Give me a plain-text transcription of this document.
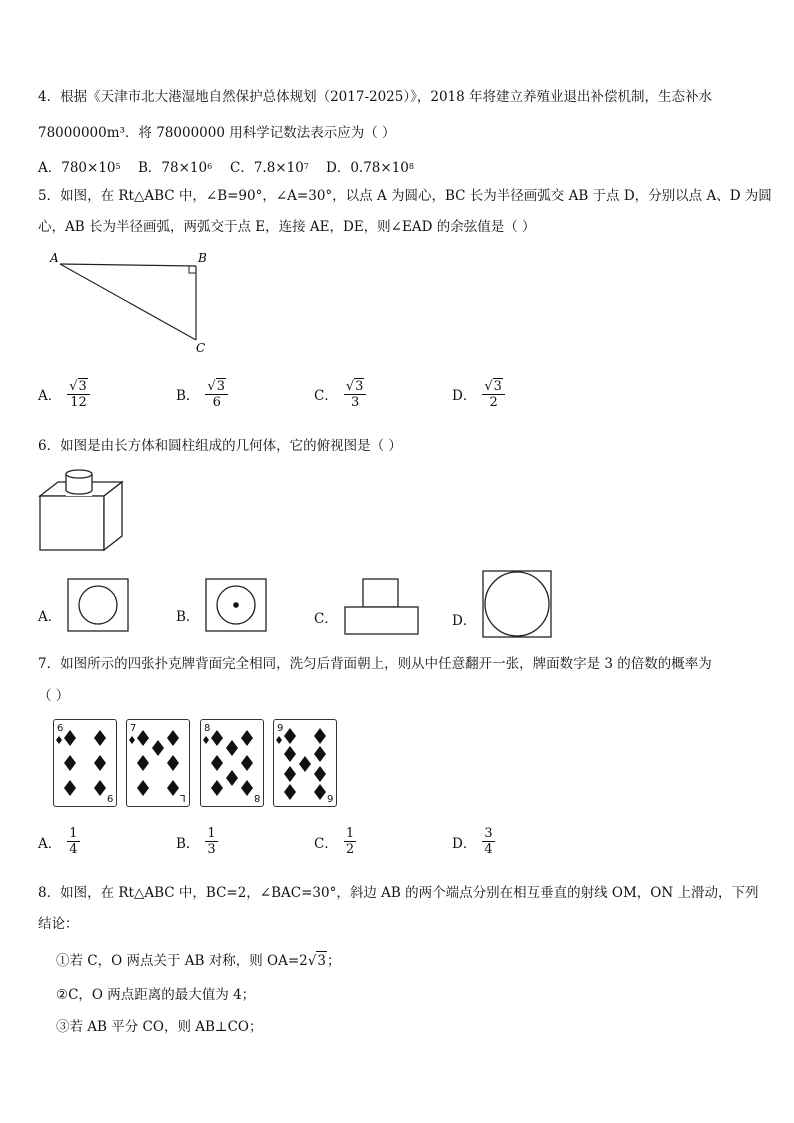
4．根据《天津市北大港湿地自然保护总体规划（2017-2025）》，2018 年将建立养殖业退出补偿机制，生态补水
78000000m³．将 78000000 用科学记数法表示应为（ ）
A．780×10 5 B．78×10 6 C．7.8×10 7 D．0.78×10 8
5．如图，在 Rt△ABC 中，∠B=90°，∠A=30°，以点 A 为圆心，BC 长为半径画弧交 AB 于点 D，分别以点 A、D 为圆
心，AB 长为半径画弧，两弧交于点 E，连接 AE，DE，则∠EAD 的余弦值是（ ）
A	B
C
A． $\frac{√ 3}{12}$	B． $\frac{√ 3}{6}$	C． $\frac{√ 3}{3}$	D． $\frac{√ 3}{2}$
6．如图是由长方体和圆柱组成的几何体，它的俯视图是（ ）
A．	B．	C．	D．
7．如图所示的四张扑克牌背面完全相同，洗匀后背面朝上，则从中任意翻开一张，牌面数字是 3 的倍数的概率为
（ ）
6
9
7
L
8
8
9
6
A． $\frac{1}{4}$	B． $\frac{1}{3}$	C． $\frac{1}{2}$	D． $\frac{3}{4}$
8．如图，在 Rt△ABC 中，BC=2，∠BAC=30°，斜边 AB 的两个端点分别在相互垂直的射线 OM，ON 上滑动，下列
结论：
①若 C，O 两点关于 AB 对称，则 OA= 2 √ 3 ；
②C，O 两点距离的最大值为 4；
③若 AB 平分 CO，则 AB⊥CO；
